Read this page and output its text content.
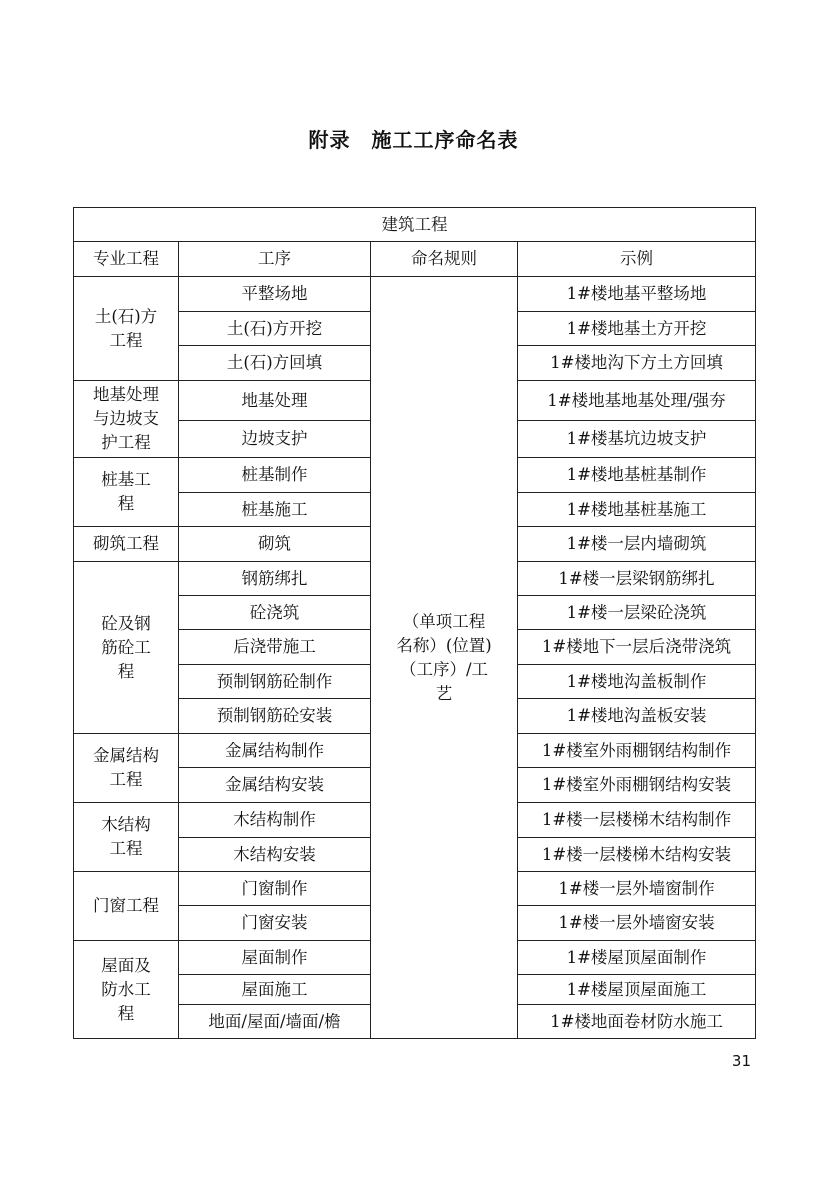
附录　施工工序命名表
建筑工程			
专业工程	工序	命名规则	示例
土(石)方工程	平整场地	（单项工程名称）(位置)（工序）/工艺	1#楼地基平整场地
	土(石)方开挖		1#楼地基土方开挖
	土(石)方回填		1#楼地沟下方土方回填
地基处理与边坡支护工程	地基处理		1#楼地基地基处理/强夯
	边坡支护		1#楼基坑边坡支护
桩基工程	桩基制作		1#楼地基桩基制作
	桩基施工		1#楼地基桩基施工
砌筑工程	砌筑		1#楼一层内墙砌筑
砼及钢筋砼工程	钢筋绑扎		1#楼一层梁钢筋绑扎
	砼浇筑		1#楼一层梁砼浇筑
	后浇带施工		1#楼地下一层后浇带浇筑
	预制钢筋砼制作		1#楼地沟盖板制作
	预制钢筋砼安装		1#楼地沟盖板安装
金属结构工程	金属结构制作		1#楼室外雨棚钢结构制作
	金属结构安装		1#楼室外雨棚钢结构安装
木结构工程	木结构制作		1#楼一层楼梯木结构制作
	木结构安装		1#楼一层楼梯木结构安装
门窗工程	门窗制作		1#楼一层外墙窗制作
	门窗安装		1#楼一层外墙窗安装
屋面及防水工程	屋面制作		1#楼屋顶屋面制作
	屋面施工		1#楼屋顶屋面施工
	地面/屋面/墙面/檐		1#楼地面卷材防水施工
31
